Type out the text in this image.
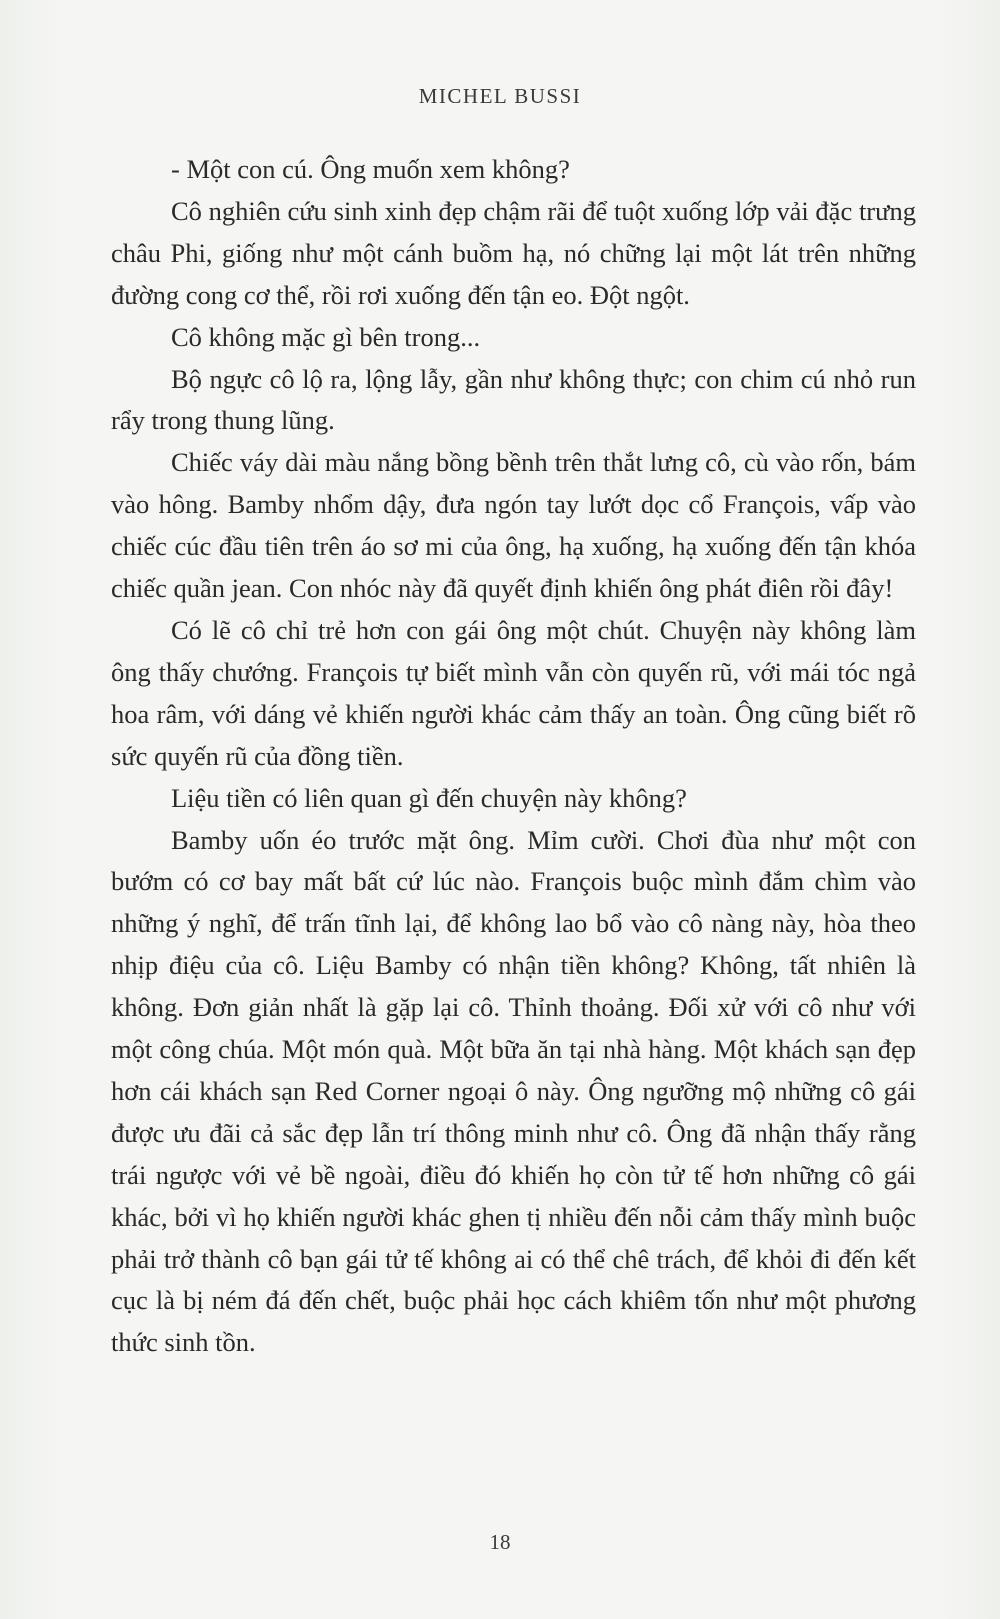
MICHEL BUSSI

- Một con cú. Ông muốn xem không?

Cô nghiên cứu sinh xinh đẹp chậm rãi để tuột xuống lớp vải đặc trưng châu Phi, giống như một cánh buồm hạ, nó chững lại một lát trên những đường cong cơ thể, rồi rơi xuống đến tận eo. Đột ngột.

Cô không mặc gì bên trong...

Bộ ngực cô lộ ra, lộng lẫy, gần như không thực; con chim cú nhỏ run rẩy trong thung lũng.

Chiếc váy dài màu nắng bồng bềnh trên thắt lưng cô, cù vào rốn, bám vào hông. Bamby nhổm dậy, đưa ngón tay lướt dọc cổ François, vấp vào chiếc cúc đầu tiên trên áo sơ mi của ông, hạ xuống, hạ xuống đến tận khóa chiếc quần jean. Con nhóc này đã quyết định khiến ông phát điên rồi đây!

Có lẽ cô chỉ trẻ hơn con gái ông một chút. Chuyện này không làm ông thấy chướng. François tự biết mình vẫn còn quyến rũ, với mái tóc ngả hoa râm, với dáng vẻ khiến người khác cảm thấy an toàn. Ông cũng biết rõ sức quyến rũ của đồng tiền.

Liệu tiền có liên quan gì đến chuyện này không?

Bamby uốn éo trước mặt ông. Mỉm cười. Chơi đùa như một con bướm có cơ bay mất bất cứ lúc nào. François buộc mình đắm chìm vào những ý nghĩ, để trấn tĩnh lại, để không lao bổ vào cô nàng này, hòa theo nhịp điệu của cô. Liệu Bamby có nhận tiền không? Không, tất nhiên là không. Đơn giản nhất là gặp lại cô. Thỉnh thoảng. Đối xử với cô như với một công chúa. Một món quà. Một bữa ăn tại nhà hàng. Một khách sạn đẹp hơn cái khách sạn Red Corner ngoại ô này. Ông ngưỡng mộ những cô gái được ưu đãi cả sắc đẹp lẫn trí thông minh như cô. Ông đã nhận thấy rằng trái ngược với vẻ bề ngoài, điều đó khiến họ còn tử tế hơn những cô gái khác, bởi vì họ khiến người khác ghen tị nhiều đến nỗi cảm thấy mình buộc phải trở thành cô bạn gái tử tế không ai có thể chê trách, để khỏi đi đến kết cục là bị ném đá đến chết, buộc phải học cách khiêm tốn như một phương thức sinh tồn.

18
